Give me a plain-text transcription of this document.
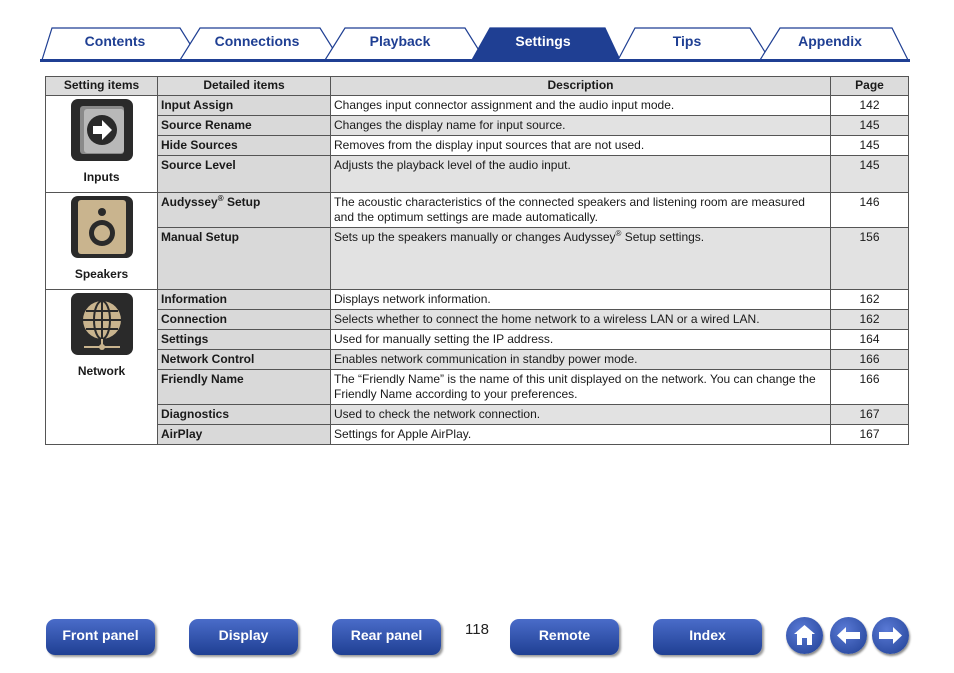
Contents	Connections	Playback	Settings	Tips	Appendix
Setting items	Detailed items	Description	Page

Inputs	Input Assign	Changes input connector assignment and the audio input mode.	142
	Source Rename	Changes the display name for input source.	145
	Hide Sources	Removes from the display input sources that are not used.	145
	Source Level	Adjusts the playback level of the audio input.	145

Speakers	Audyssey® Setup	The acoustic characteristics of the connected speakers and listening room are measured and the optimum settings are made automatically.	146
	Manual Setup	Sets up the speakers manually or changes Audyssey® Setup settings.	156

Network	Information	Displays network information.	162
	Connection	Selects whether to connect the home network to a wireless LAN or a wired LAN.	162
	Settings	Used for manually setting the IP address.	164
	Network Control	Enables network communication in standby power mode.	166
	Friendly Name	The “Friendly Name” is the name of this unit displayed on the network. You can change the Friendly Name according to your preferences.	166
	Diagnostics	Used to check the network connection.	167
	AirPlay	Settings for Apple AirPlay.	167
Front panel	Display	Rear panel	118	Remote	Index
